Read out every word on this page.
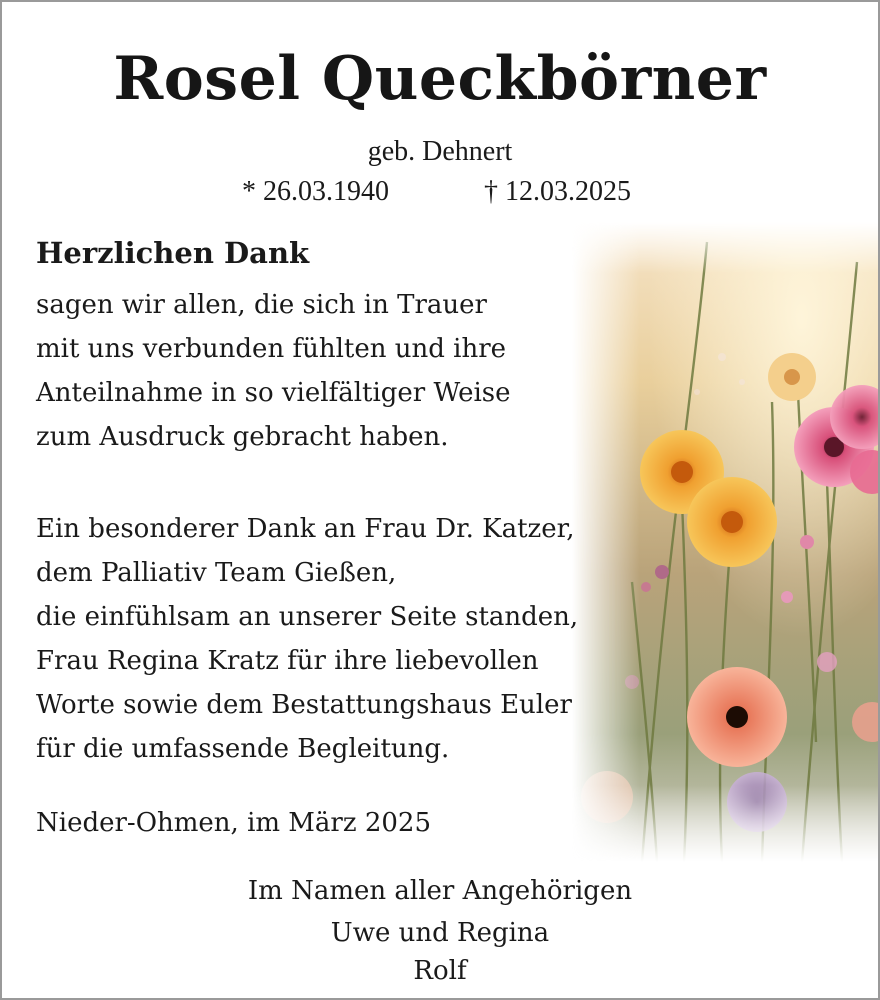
Rosel Queckbörner
geb. Dehnert
* 26.03.1940	† 12.03.2025
Herzlichen Dank
sagen wir allen, die sich in Trauer
mit uns verbunden fühlten und ihre
Anteilnahme in so vielfältiger Weise
zum Ausdruck gebracht haben.
Ein besonderer Dank an Frau Dr. Katzer,
dem Palliativ Team Gießen,
die einfühlsam an unserer Seite standen,
Frau Regina Kratz für ihre liebevollen
Worte sowie dem Bestattungshaus Euler
für die umfassende Begleitung.
Nieder-Ohmen, im März 2025
Im Namen aller Angehörigen
Uwe und Regina
Rolf
